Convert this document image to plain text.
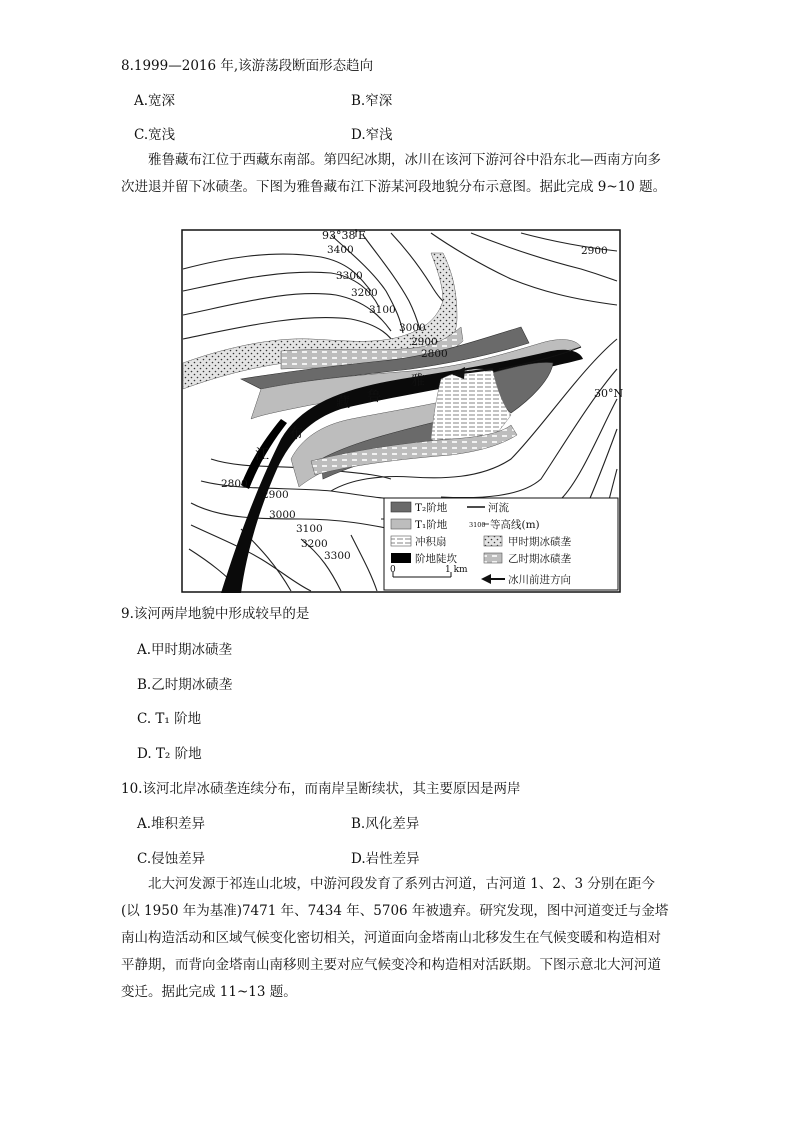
8.1999—2016 年,该游荡段断面形态趋向
A.宽深	B.窄深
C.宽浅	D.窄浅
雅鲁藏布江位于西藏东南部。第四纪冰期，冰川在该河下游河谷中沿东北—西南方向多次进退并留下冰碛垄。下图为雅鲁藏布江下游某河段地貌分布示意图。据此完成 9~10 题。
93°38′E
3400
3300
3200
3100
3000
2900
2800
2900
2800
2900
3000
3100
3200
3300
雅
鲁
藏
布
江
T₂阶地	河流
T₁阶地	3100 等高线(m)
冲积扇	甲时期冰碛垄
阶地陡坎	乙时期冰碛垄
0	1 km
冰川前进方向
30°N
9.该河两岸地貌中形成较早的是
A.甲时期冰碛垄
B.乙时期冰碛垄
C. T₁ 阶地
D. T₂ 阶地
10.该河北岸冰碛垄连续分布，而南岸呈断续状，其主要原因是两岸
A.堆积差异	B.风化差异
C.侵蚀差异	D.岩性差异
北大河发源于祁连山北坡，中游河段发育了系列古河道，古河道 1、2、3 分别在距今(以 1950 年为基准)7471 年、7434 年、5706 年被遗弃。研究发现，图中河道变迁与金塔南山构造活动和区域气候变化密切相关，河道面向金塔南山北移发生在气候变暖和构造相对平静期，而背向金塔南山南移则主要对应气候变冷和构造相对活跃期。下图示意北大河河道变迁。据此完成 11~13 题。
